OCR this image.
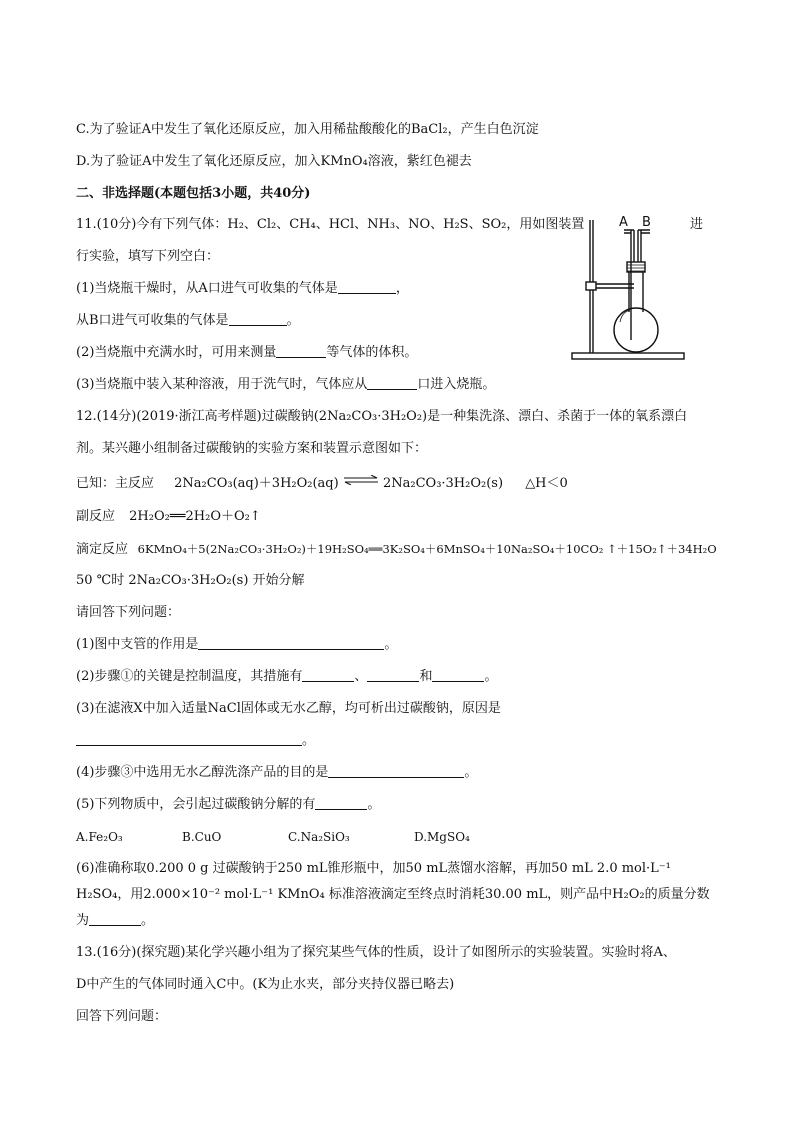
C.为了验证A中发生了氧化还原反应，加入用稀盐酸酸化的BaCl₂，产生白色沉淀
D.为了验证A中发生了氧化还原反应，加入KMnO₄溶液，紫红色褪去
二、非选择题(本题包括3小题，共40分)
11.(10分)今有下列气体：H₂、Cl₂、CH₄、HCl、NH₃、NO、H₂S、SO₂，用如图装置	进
行实验，填写下列空白：
(1)当烧瓶干燥时，从A口进气可收集的气体是	，
从B口进气可收集的气体是	。
(2)当烧瓶中充满水时，可用来测量	等气体的体积。
(3)当烧瓶中装入某种溶液，用于洗气时，气体应从	口进入烧瓶。
A B
12.(14分)(2019·浙江高考样题)过碳酸钠(2Na₂CO₃·3H₂O₂)是一种集洗涤、漂白、杀菌于一体的氧系漂白
剂。某兴趣小组制备过碳酸钠的实验方案和装置示意图如下：
已知：主反应 2Na₂CO₃(aq)＋3H₂O₂(aq) ⇌ 2Na₂CO₃·3H₂O₂(s) △H＜0
副反应 2H₂O₂══2H₂O＋O₂↑
滴定反应 6KMnO₄＋5(2Na₂CO₃·3H₂O₂)＋19H₂SO₄══3K₂SO₄＋6MnSO₄＋10Na₂SO₄＋10CO₂ ↑＋15O₂↑＋34H₂O
50 ℃时 2Na₂CO₃·3H₂O₂(s) 开始分解
请回答下列问题：
(1)图中支管的作用是	。
(2)步骤①的关键是控制温度，其措施有	、	和	。
(3)在滤液X中加入适量NaCl固体或无水乙醇，均可析出过碳酸钠，原因是
。
(4)步骤③中选用无水乙醇洗涤产品的目的是	。
(5)下列物质中，会引起过碳酸钠分解的有	。
A.Fe₂O₃	B.CuO	C.Na₂SiO₃	D.MgSO₄
(6)准确称取0.200 0 g 过碳酸钠于250 mL锥形瓶中，加50 mL蒸馏水溶解，再加50 mL 2.0 mol·L⁻¹
H₂SO₄，用2.000×10⁻² mol·L⁻¹ KMnO₄ 标准溶液滴定至终点时消耗30.00 mL，则产品中H₂O₂的质量分数
为	。
13.(16分)(探究题)某化学兴趣小组为了探究某些气体的性质，设计了如图所示的实验装置。实验时将A、
D中产生的气体同时通入C中。(K为止水夹，部分夹持仪器已略去)
回答下列问题：
